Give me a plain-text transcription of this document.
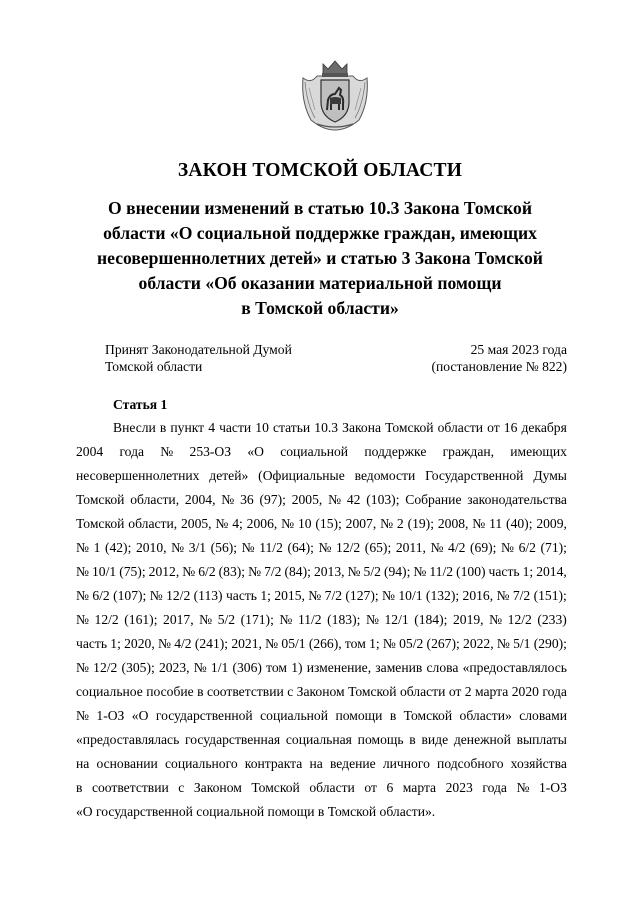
ЗАКОН ТОМСКОЙ ОБЛАСТИ
О внесении изменений в статью 10.3 Закона Томской
области «О социальной поддержке граждан, имеющих
несовершеннолетних детей» и статью 3 Закона Томской
области «Об оказании материальной помощи
в Томской области»
Принят Законодательной Думой	25 мая 2023 года
Томской области	(постановление № 822)
Статья 1
Внесли в пункт 4 части 10 статьи 10.3 Закона Томской области от 16 декабря
2004 года № 253-ОЗ «О социальной поддержке граждан, имеющих
несовершеннолетних детей» (Официальные ведомости Государственной Думы
Томской области, 2004, № 36 (97); 2005, № 42 (103); Собрание законодательства
Томской области, 2005, № 4; 2006, № 10 (15); 2007, № 2 (19); 2008, № 11 (40); 2009,
№ 1 (42); 2010, № 3/1 (56); № 11/2 (64); № 12/2 (65); 2011, № 4/2 (69); № 6/2 (71);
№ 10/1 (75); 2012, № 6/2 (83); № 7/2 (84); 2013, № 5/2 (94); № 11/2 (100) часть 1; 2014,
№ 6/2 (107); № 12/2 (113) часть 1; 2015, № 7/2 (127); № 10/1 (132); 2016, № 7/2 (151);
№ 12/2 (161); 2017, № 5/2 (171); № 11/2 (183); № 12/1 (184); 2019, № 12/2 (233)
часть 1; 2020, № 4/2 (241); 2021, № 05/1 (266), том 1; № 05/2 (267); 2022, № 5/1 (290);
№ 12/2 (305); 2023, № 1/1 (306) том 1) изменение, заменив слова «предоставлялось
социальное пособие в соответствии с Законом Томской области от 2 марта 2020 года
№ 1-ОЗ «О государственной социальной помощи в Томской области» словами
«предоставлялась государственная социальная помощь в виде денежной выплаты
на основании социального контракта на ведение личного подсобного хозяйства
в соответствии с Законом Томской области от 6 марта 2023 года № 1-ОЗ
«О государственной социальной помощи в Томской области».
